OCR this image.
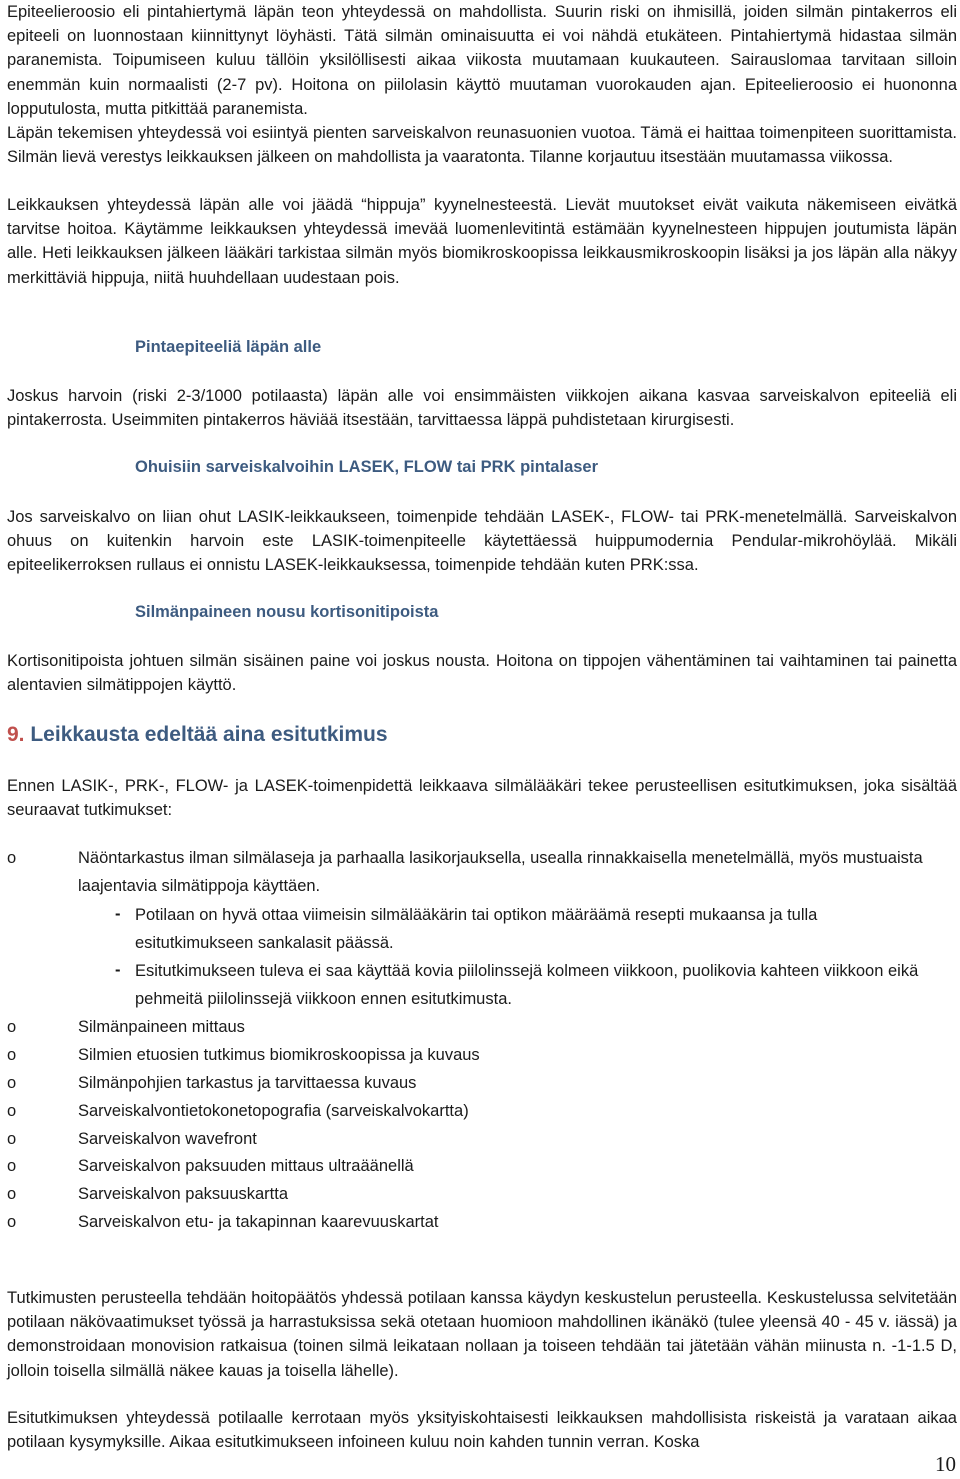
Epiteelieroosio eli pintahiertymä läpän teon yhteydessä on mahdollista. Suurin riski on ihmisillä, joiden silmän pintakerros eli epiteeli on luonnostaan kiinnittynyt löyhästi. Tätä silmän ominaisuutta ei voi nähdä etukäteen. Pintahiertymä hidastaa silmän paranemista. Toipumiseen kuluu tällöin yksilöllisesti aikaa viikosta muutamaan kuukauteen. Sairauslomaa tarvitaan silloin enemmän kuin normaalisti (2-7 pv). Hoitona on piilolasin käyttö muutaman vuorokauden ajan. Epiteelieroosio ei huononna lopputulosta, mutta pitkittää paranemista.

Läpän tekemisen yhteydessä voi esiintyä pienten sarveiskalvon reunasuonien vuotoa. Tämä ei haittaa toimenpiteen suorittamista. Silmän lievä verestys leikkauksen jälkeen on mahdollista ja vaaratonta. Tilanne korjautuu itsestään muutamassa viikossa.

Leikkauksen yhteydessä läpän alle voi jäädä “hippuja” kyynelnesteestä. Lievät muutokset eivät vaikuta näkemiseen eivätkä tarvitse hoitoa. Käytämme leikkauksen yhteydessä imevää luomenlevitintä estämään kyynelnesteen hippujen joutumista läpän alle. Heti leikkauksen jälkeen lääkäri tarkistaa silmän myös biomikroskoopissa leikkausmikroskoopin lisäksi ja jos läpän alla näkyy merkittäviä hippuja, niitä huuhdellaan uudestaan pois.

Pintaepiteeliä läpän alle

Joskus harvoin (riski 2-3/1000 potilaasta) läpän alle voi ensimmäisten viikkojen aikana kasvaa sarveiskalvon epiteeliä eli pintakerrosta. Useimmiten pintakerros häviää itsestään, tarvittaessa läppä puhdistetaan kirurgisesti.

Ohuisiin sarveiskalvoihin LASEK, FLOW tai PRK pintalaser

Jos sarveiskalvo on liian ohut LASIK-leikkaukseen, toimenpide tehdään LASEK-, FLOW- tai PRK-menetelmällä. Sarveiskalvon ohuus on kuitenkin harvoin este LASIK-toimenpiteelle käytettäessä huippumodernia Pendular-mikrohöylää. Mikäli epiteelikerroksen rullaus ei onnistu LASEK-leikkauksessa, toimenpide tehdään kuten PRK:ssa.

Silmänpaineen nousu kortisonitipoista

Kortisonitipoista johtuen silmän sisäinen paine voi joskus nousta. Hoitona on tippojen vähentäminen tai vaihtaminen tai painetta alentavien silmätippojen käyttö.

9. Leikkausta edeltää aina esitutkimus

Ennen LASIK-, PRK-, FLOW- ja LASEK-toimenpidettä leikkaava silmälääkäri tekee perusteellisen esitutkimuksen, joka sisältää seuraavat tutkimukset:

o	Näöntarkastus ilman silmälaseja ja parhaalla lasikorjauksella, usealla rinnakkaisella menetelmällä, myös mustuaista laajentavia silmätippoja käyttäen.
- Potilaan on hyvä ottaa viimeisin silmälääkärin tai optikon määräämä resepti mukaansa ja tulla esitutkimukseen sankalasit päässä.
- Esitutkimukseen tuleva ei saa käyttää kovia piilolinssejä kolmeen viikkoon, puolikovia kahteen viikkoon eikä pehmeitä piilolinssejä viikkoon ennen esitutkimusta.
o	Silmänpaineen mittaus
o	Silmien etuosien tutkimus biomikroskoopissa ja kuvaus
o	Silmänpohjien tarkastus ja tarvittaessa kuvaus
o	Sarveiskalvontietokonetopografia (sarveiskalvokartta)
o	Sarveiskalvon wavefront
o	Sarveiskalvon paksuuden mittaus ultraäänellä
o	Sarveiskalvon paksuuskartta
o	Sarveiskalvon etu- ja takapinnan kaarevuuskartat

Tutkimusten perusteella tehdään hoitopäätös yhdessä potilaan kanssa käydyn keskustelun perusteella. Keskustelussa selvitetään potilaan näkövaatimukset työssä ja harrastuksissa sekä otetaan huomioon mahdollinen ikänäkö (tulee yleensä 40 - 45 v. iässä) ja demonstroidaan monovision ratkaisua (toinen silmä leikataan nollaan ja toiseen tehdään tai jätetään vähän miinusta n. -1-1.5 D, jolloin toisella silmällä näkee kauas ja toisella lähelle).

Esitutkimuksen yhteydessä potilaalle kerrotaan myös yksityiskohtaisesti leikkauksen mahdollisista riskeistä ja varataan aikaa potilaan kysymyksille. Aikaa esitutkimukseen infoineen kuluu noin kahden tunnin verran. Koska

10
